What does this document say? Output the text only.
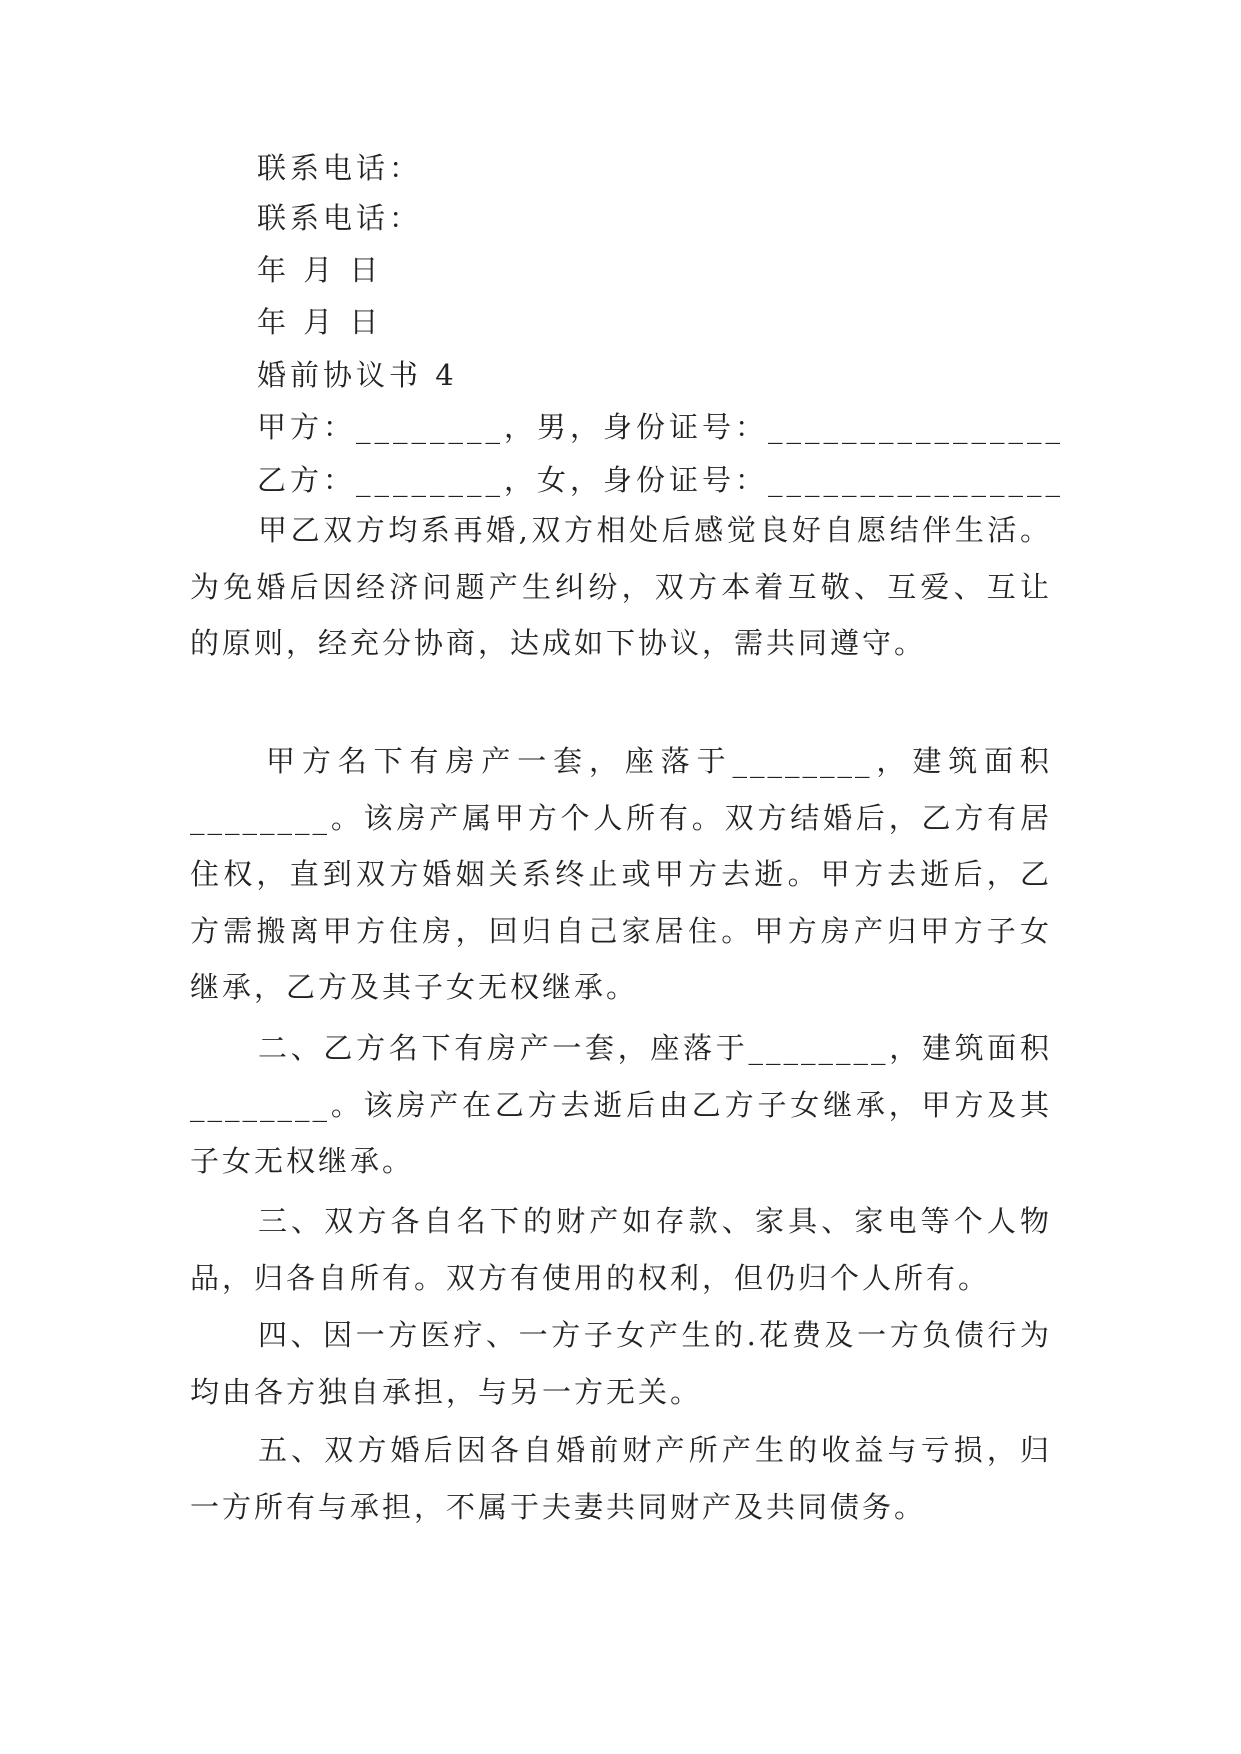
联系电话：
联系电话：
年 月 日
年 月 日
婚前协议书 4
甲方：________，男，身份证号：________________
乙方：________，女，身份证号：________________
甲乙双方均系再婚,双方相处后感觉良好自愿结伴生活。为免婚后因经济问题产生纠纷，双方本着互敬、互爱、互让的原则，经充分协商，达成如下协议，需共同遵守。
甲方名下有房产一套，座落于________，建筑面积________。该房产属甲方个人所有。双方结婚后，乙方有居住权，直到双方婚姻关系终止或甲方去逝。甲方去逝后，乙方需搬离甲方住房，回归自己家居住。甲方房产归甲方子女继承，乙方及其子女无权继承。
二、乙方名下有房产一套，座落于________，建筑面积________。该房产在乙方去逝后由乙方子女继承，甲方及其子女无权继承。
三、双方各自名下的财产如存款、家具、家电等个人物品，归各自所有。双方有使用的权利，但仍归个人所有。
四、因一方医疗、一方子女产生的.花费及一方负债行为均由各方独自承担，与另一方无关。
五、双方婚后因各自婚前财产所产生的收益与亏损，归一方所有与承担，不属于夫妻共同财产及共同债务。
